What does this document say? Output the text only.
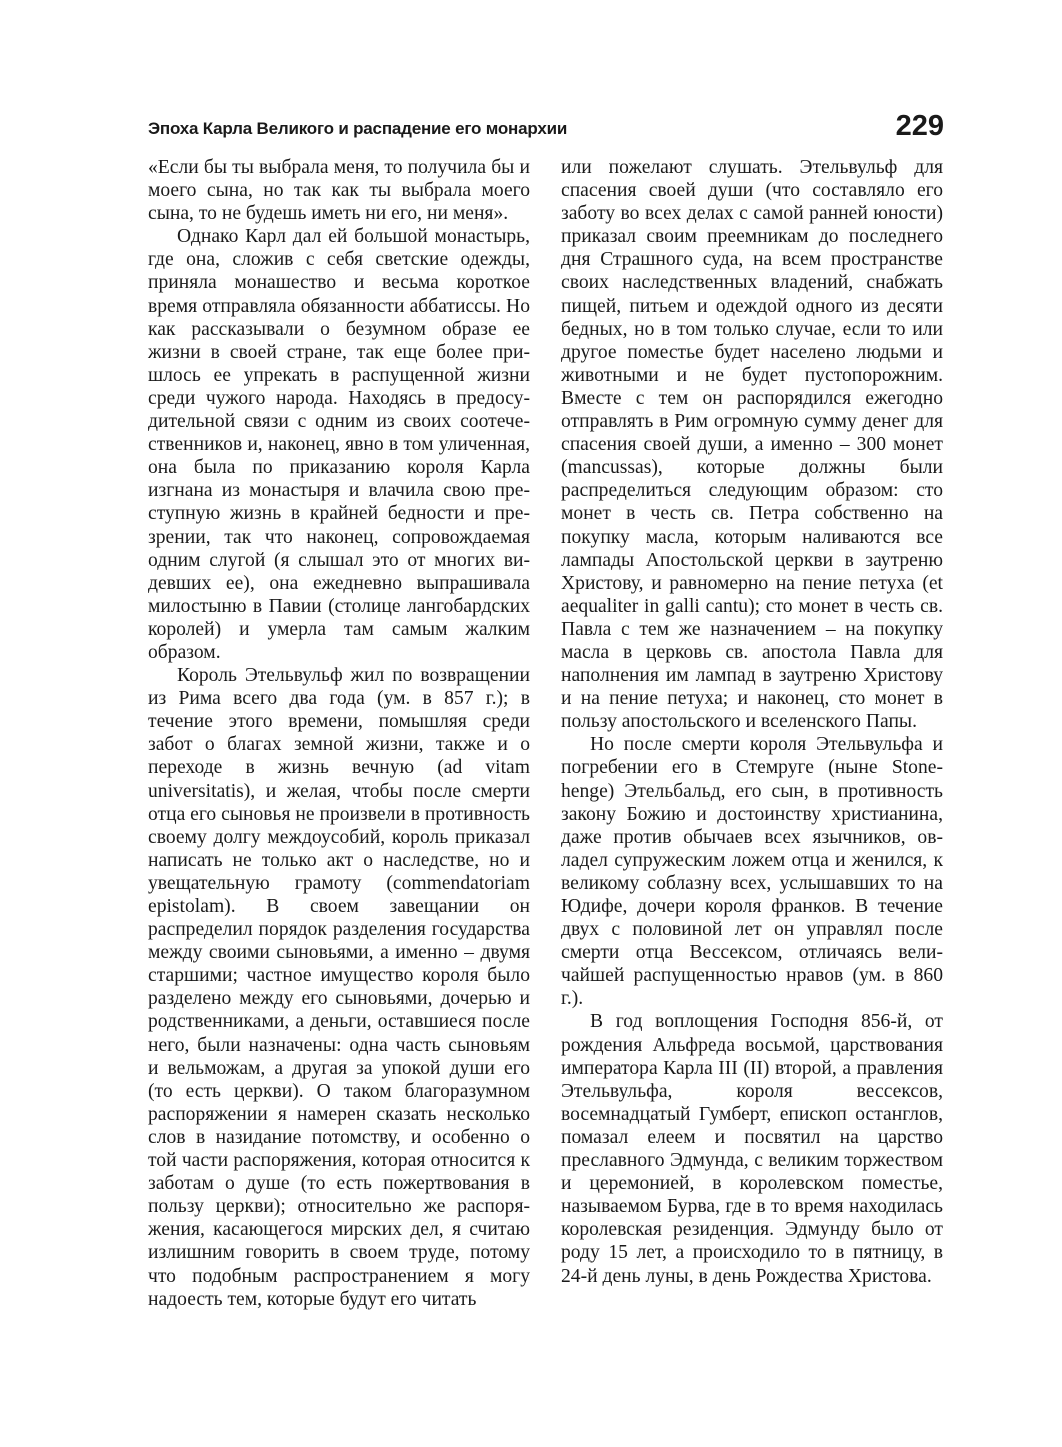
Эпоха Карла Великого и распадение его монархии	229

«Если бы ты выбрала меня, то получила бы и моего сына, но так как ты выбрала моего сына, то не будешь иметь ни его, ни меня».

Однако Карл дал ей большой монастырь, где она, сложив с себя светские одежды, приняла монашество и весьма короткое время отправляла обязанности аббатиссы. Но как рассказывали о безумном образе ее жизни в своей стране, так еще более пришлось ее упрекать в распущенной жизни среди чужого народа. Находясь в предосудительной связи с одним из своих соотечественников и, наконец, явно в том уличенная, она была по приказанию короля Карла изгнана из монастыря и влачила свою преступную жизнь в крайней бедности и презрении, так что наконец, сопровождаемая одним слугой (я слышал это от многих видевших ее), она ежедневно выпрашивала милостыню в Павии (столице лангобардских королей) и умерла там самым жалким образом.

Король Этельвульф жил по возвращении из Рима всего два года (ум. в 857 г.); в течение этого времени, помышляя среди забот о благах земной жизни, также и о переходе в жизнь вечную (ad vitam universitatis), и желая, чтобы после смерти отца его сыновья не произвели в противность своему долгу междоусобий, король приказал написать не только акт о наследстве, но и увещательную грамоту (commendatoriam epistolam). В своем завещании он распределил порядок разделения государства между своими сыновьями, а именно – двумя старшими; частное имущество короля было разделено между его сыновьями, дочерью и родственниками, а деньги, оставшиеся после него, были назначены: одна часть сыновьям и вельможам, а другая за упокой души его (то есть церкви). О таком благоразумном распоряжении я намерен сказать несколько слов в назидание потомству, и особенно о той части распоряжения, которая относится к заботам о душе (то есть пожертвования в пользу церкви); относительно же распоряжения, касающегося мирских дел, я считаю излишним говорить в своем труде, потому что подобным распространением я могу надоесть тем, которые будут его читать

или пожелают слушать. Этельвульф для спасения своей души (что составляло его заботу во всех делах с самой ранней юности) приказал своим преемникам до последнего дня Страшного суда, на всем пространстве своих наследственных владений, снабжать пищей, питьем и одеждой одного из десяти бедных, но в том только случае, если то или другое поместье будет населено людьми и животными и не будет пустопорожним. Вместе с тем он распорядился ежегодно отправлять в Рим огромную сумму денег для спасения своей души, а именно – 300 монет (mancussas), которые должны были распределиться следующим образом: сто монет в честь св. Петра собственно на покупку масла, которым наливаются все лампады Апостольской церкви в заутреню Христову, и равномерно на пение петуха (et aequaliter in galli cantu); сто монет в честь св. Павла с тем же назначением – на покупку масла в церковь св. апостола Павла для наполнения им лампад в заутреню Христову и на пение петуха; и наконец, сто монет в пользу апостольского и вселенского Папы.

Но после смерти короля Этельвульфа и погребении его в Стемруге (ныне Stonehenge) Этельбальд, его сын, в противность закону Божию и достоинству христианина, даже против обычаев всех язычников, овладел супружеским ложем отца и женился, к великому соблазну всех, услышавших то на Юдифе, дочери короля франков. В течение двух с половиной лет он управлял после смерти отца Вессексом, отличаясь величайшей распущенностью нравов (ум. в 860 г.).

В год воплощения Господня 856-й, от рождения Альфреда восьмой, царствования императора Карла III (II) второй, а правления Этельвульфа, короля вессексов, восемнадцатый Гумберт, епископ останглов, помазал елеем и посвятил на царство преславного Эдмунда, с великим торжеством и церемонией, в королевском поместье, называемом Бурва, где в то время находилась королевская резиденция. Эдмунду было от роду 15 лет, а происходило то в пятницу, в 24-й день луны, в день Рождества Христова.
